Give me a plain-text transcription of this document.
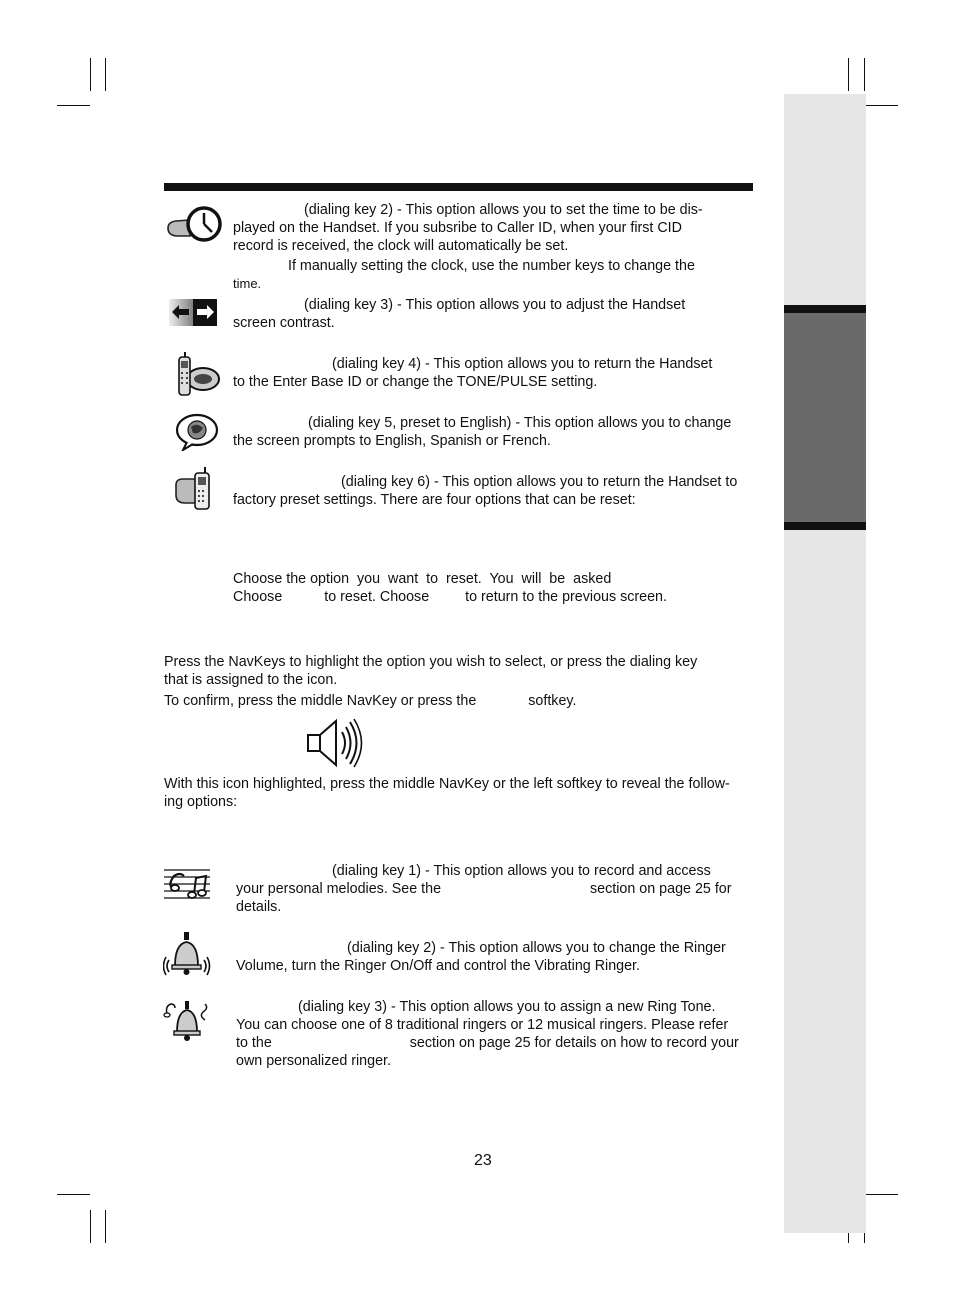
(dialing key 2) - This option allows you to set the time to be dis-
played on the Handset. If you subsribe to Caller ID, when your first CID
record is received, the clock will automatically be set.
If manually setting the clock, use the number keys to change the
time.
(dialing key 3) - This option allows you to adjust the Handset
screen contrast.
(dialing key 4) - This option allows you to return the Handset
to the Enter Base ID or change the TONE/PULSE setting.
(dialing key 5, preset to English) - This option allows you to change
the screen prompts to English, Spanish or French.
(dialing key 6) - This option allows you to return the Handset to
factory preset settings. There are four options that can be reset:
Choose the option  you  want  to  reset.  You  will  be  asked
Choose	to reset. Choose	to return to the previous screen.
Press the NavKeys to highlight the option you wish to select, or press the dialing key
that is assigned to the icon.
To confirm, press the middle NavKey or press the	softkey.
With this icon highlighted, press the middle NavKey or the left softkey to reveal the follow-
ing options:
(dialing key 1) - This option allows you to record and access
your personal melodies. See the	section on page 25 for
details.
(dialing key 2) - This option allows you to change the Ringer
Volume, turn the Ringer On/Off and control the Vibrating Ringer.
(dialing key 3) - This option allows you to assign a new Ring Tone.
You can choose one of 8 traditional ringers or 12 musical ringers. Please refer
to the	section on page 25 for details on how to record your
own personalized ringer.
23
